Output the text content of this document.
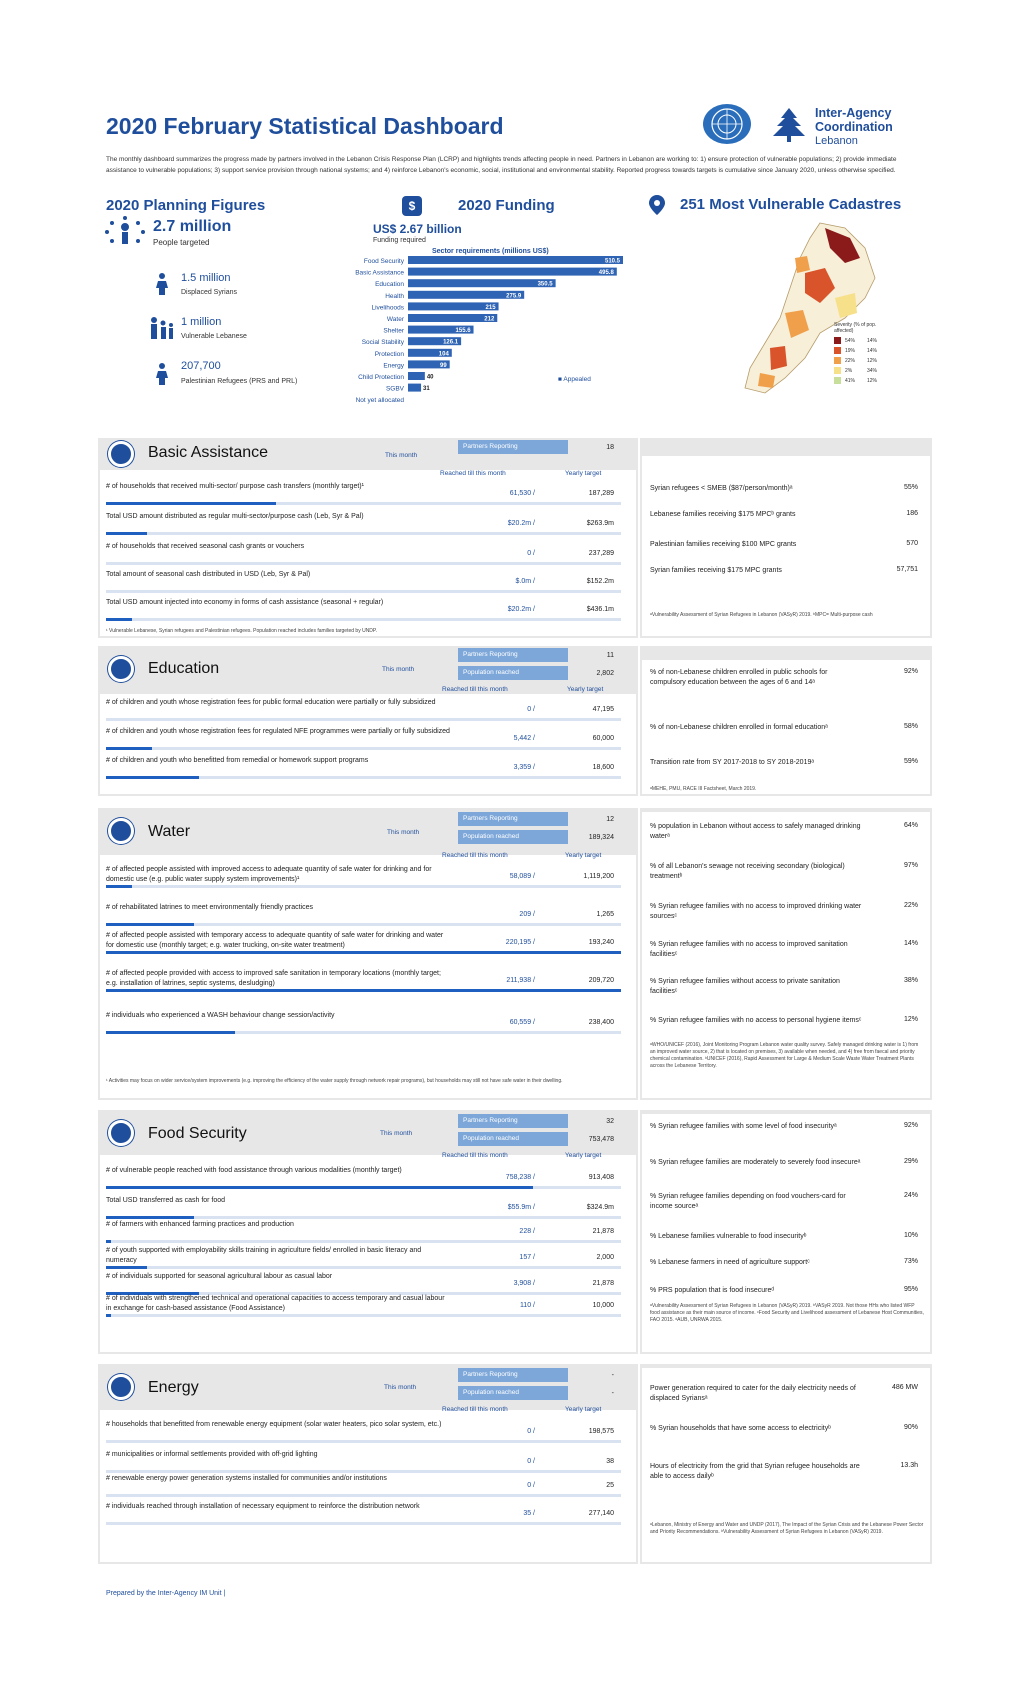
2020 February Statistical Dashboard
The monthly dashboard summarizes the progress made by partners involved in the Lebanon Crisis Response Plan (LCRP) and highlights trends affecting people in need. Partners in Lebanon are working to: 1) ensure protection of vulnerable populations; 2) provide immediate assistance to vulnerable populations; 3) support service provision through national systems; and 4) reinforce Lebanon's economic, social, institutional and environmental stability. Reported progress towards targets is cumulative since January 2020, unless otherwise specified.
Inter-Agency
Coordination
Lebanon
2020 Planning Figures
2.7 million
People targeted
1.5 million
Displaced Syrians
1 million
Vulnerable Lebanese
207,700
Palestinian Refugees (PRS and PRL)
$	2020 Funding
US$ 2.67 billion
Funding required
Sector requirements (millions US$)
Food Security	510.5
Basic Assistance	495.8
Education	350.5
Health	275.9
Livelihoods	215
Water	212
Shelter	155.6
Social Stability	126.1
Protection	104
Energy	99
Child Protection	40
SGBV	31
Not yet allocated
■ Appealed
251 Most Vulnerable Cadastres
Severity (% of pop. affected)
54% 14%
19% 14%
22% 12%
2%	34%
41% 12%
Basic Assistance	This month
Partners Reporting	18
Reached till this month	Yearly target
# of households that received multi-sector/ purpose cash transfers (monthly target)¹
61,530 /	187,289
Total USD amount distributed as regular multi-sector/purpose cash (Leb, Syr & Pal)
$20.2m /	$263.9m
# of households that received seasonal cash grants or vouchers
0 /	237,289
Total amount of seasonal cash distributed in USD (Leb, Syr & Pal)
$.0m /	$152.2m
Total USD amount injected into economy in forms of cash assistance (seasonal + regular)
$20.2m /	$436.1m
¹ Vulnerable Lebanese, Syrian refugees and Palestinian refugees. Population reached includes families targeted by UNDP.
Syrian refugees < SMEB ($87/person/month)ᵃ	55%
Lebanese families receiving $175 MPCᵇ grants	186
Palestinian families receiving $100 MPC grants	570
Syrian families receiving $175 MPC grants	57,751
ᵃVulnerability Assessment of Syrian Refugees in Lebanon (VASyR) 2019. ᵇMPC= Multi-purpose cash
Education	This month
Partners Reporting	11
Population reached	2,802
Reached till this month	Yearly target
# of children and youth whose registration fees for public formal education were partially or fully subsidized
0 /	47,195
# of children and youth whose registration fees for regulated NFE programmes were partially or fully subsidized
5,442 /	60,000
# of children and youth who benefitted from remedial or homework support programs
3,359 /	18,600
% of non-Lebanese children enrolled in public schools for compulsory education between the ages of 6 and 14ᵃ
92%
% of non-Lebanese children enrolled in formal educationᵃ	58%
Transition rate from SY 2017-2018 to SY 2018-2019ᵃ	59%
ᵃMEHE, PMU, RACE III Factsheet, March 2019.
Water	This month
Partners Reporting	12
Population reached	189,324
Reached till this month	Yearly target
# of affected people assisted with improved access to adequate quantity of safe water for drinking and for domestic use (e.g. public water supply system improvements)¹	58,089 /	1,119,200
# of rehabilitated latrines to meet environmentally friendly practices
209 /	1,265
# of affected people assisted with temporary access to adequate quantity of safe water for drinking and water for domestic use (monthly target; e.g. water trucking, on-site water treatment)	220,195 /	193,240
# of affected people provided with access to improved safe sanitation in temporary locations (monthly target; e.g. installation of latrines, septic systems, desludging)	211,938 /	209,720
# individuals who experienced a WASH behaviour change session/activity
60,559 /	238,400
¹ Activities may focus on wider service/system improvements (e.g. improving the efficiency of the water supply through network repair programs), but households may still not have safe water in their dwelling.
% population in Lebanon without access to safely managed drinking waterᵃ
64%
% of all Lebanon's sewage not receiving secondary (biological) treatmentᵇ
97%
% Syrian refugee families with no access to improved drinking water sourcesᶜ
22%
% Syrian refugee families with no access to improved sanitation facilitiesᶜ
14%
% Syrian refugee families without access to private sanitation facilitiesᶜ
38%
% Syrian refugee families with no access to personal hygiene itemsᶜ	12%
ᵃWHO/UNICEF (2016), Joint Monitoring Program Lebanon water quality survey. Safely managed drinking water is 1) from an improved water source, 2) that is located on premises, 3) available when needed, and 4) free from faecal and priority chemical contamination. ᵇUNICEF (2016), Rapid Assessment for Large & Medium Scale Waste Water Treatment Plants across the Lebanese Territory.
Food Security	This month
Partners Reporting	32
Population reached	753,478
Reached till this month	Yearly target
# of vulnerable people reached with food assistance through various modalities (monthly target)
758,238 /	913,408
Total USD transferred as cash for food
$55.9m /	$324.9m
# of farmers with enhanced farming practices and production
228 /	21,878
# of youth supported with employability skills training in agriculture fields/ enrolled in basic literacy and numeracy	157 /	2,000
# of individuals supported for seasonal agricultural labour as casual labor
3,908 /	21,878
# of individuals with strengthened technical and operational capacities to access temporary and casual labour in exchange for cash-based assistance (Food Assistance)	110 /	10,000
% Syrian refugee families with some level of food insecurityᵃ	92%
% Syrian refugee families are moderately to severely food insecureᵃ	29%
% Syrian refugee families depending on food vouchers-card for income sourceᵃ
24%
% Lebanese families vulnerable to food insecurityᵇ	10%
% Lebanese farmers in need of agriculture supportᶜ	73%
% PRS population that is food insecureᵈ	95%
ᵃVulnerability Assessment of Syrian Refugees in Lebanon (VASyR) 2019. ᵇVASyR 2019. Not those HHs who listed WFP food assistance as their main source of income. ᶜFood Security and Livelihood assessment of Lebanese Host Communities, FAO 2015. ᵈAUB, UNRWA 2015.
Energy	This month
Partners Reporting	-
Population reached	-
Reached till this month	Yearly target
# households that benefitted from renewable energy equipment (solar water heaters, pico solar system, etc.)
0 /	198,575
# municipalities or informal settlements provided with off-grid lighting
0 /	38
# renewable energy power generation systems installed for communities and/or institutions
0 /	25
# individuals reached through installation of necessary equipment to reinforce the distribution network
35 /	277,140
Power generation required to cater for the daily electricity needs of displaced Syriansᵃ
486 MW
% Syrian households that have some access to electricityᵇ	90%
Hours of electricity from the grid that Syrian refugee households are able to access dailyᵇ
13.3h
ᵃLebanon, Ministry of Energy and Water and UNDP (2017), The Impact of the Syrian Crisis and the Lebanese Power Sector and Priority Recommendations. ᵇVulnerability Assessment of Syrian Refugees in Lebanon (VASyR) 2019.
Prepared by the Inter-Agency IM Unit |
